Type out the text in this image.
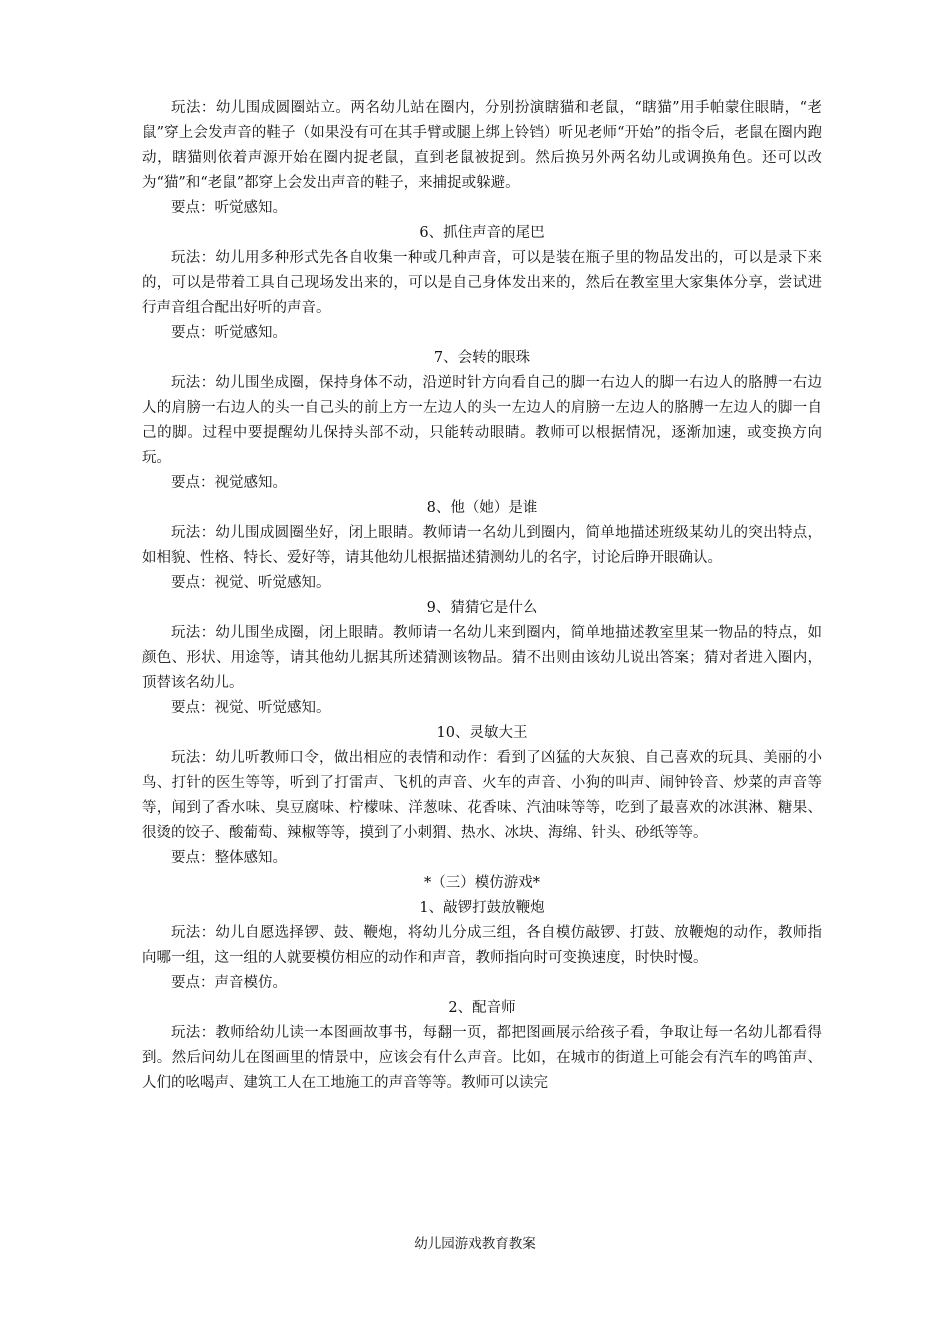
玩法：幼儿围成圆圈站立。两名幼儿站在圈内，分别扮演瞎猫和老鼠，“瞎猫”用手帕蒙住眼睛，“老鼠”穿上会发声音的鞋子（如果没有可在其手臂或腿上绑上铃铛）听见老师“开始”的指令后，老鼠在圈内跑动，瞎猫则依着声源开始在圈内捉老鼠，直到老鼠被捉到。然后换另外两名幼儿或调换角色。还可以改为“猫”和“老鼠”都穿上会发出声音的鞋子，来捕捉或躲避。

要点：听觉感知。

6、抓住声音的尾巴

玩法：幼儿用多种形式先各自收集一种或几种声音，可以是装在瓶子里的物品发出的，可以是录下来的，可以是带着工具自己现场发出来的，可以是自己身体发出来的，然后在教室里大家集体分享，尝试进行声音组合配出好听的声音。

要点：听觉感知。

7、会转的眼珠

玩法：幼儿围坐成圈，保持身体不动，沿逆时针方向看自己的脚一右边人的脚一右边人的胳膊一右边人的肩膀一右边人的头一自己头的前上方一左边人的头一左边人的肩膀一左边人的胳膊一左边人的脚一自己的脚。过程中要提醒幼儿保持头部不动，只能转动眼睛。教师可以根据情况，逐渐加速，或变换方向玩。

要点：视觉感知。

8、他（她）是谁

玩法：幼儿围成圆圈坐好，闭上眼睛。教师请一名幼儿到圈内，简单地描述班级某幼儿的突出特点，如相貌、性格、特长、爱好等，请其他幼儿根据描述猜测幼儿的名字，讨论后睁开眼确认。

要点：视觉、听觉感知。

9、猜猜它是什么

玩法：幼儿围坐成圈，闭上眼睛。教师请一名幼儿来到圈内，简单地描述教室里某一物品的特点，如颜色、形状、用途等，请其他幼儿据其所述猜测该物品。猜不出则由该幼儿说出答案；猜对者进入圈内，顶替该名幼儿。

要点：视觉、听觉感知。

10、灵敏大王

玩法：幼儿听教师口令，做出相应的表情和动作：看到了凶猛的大灰狼、自己喜欢的玩具、美丽的小鸟、打针的医生等等，听到了打雷声、飞机的声音、火车的声音、小狗的叫声、闹钟铃音、炒菜的声音等等，闻到了香水味、臭豆腐味、柠檬味、洋葱味、花香味、汽油味等等，吃到了最喜欢的冰淇淋、糖果、很烫的饺子、酸葡萄、辣椒等等，摸到了小刺猬、热水、冰块、海绵、针头、砂纸等等。

要点：整体感知。

*（三）模仿游戏*

1、敲锣打鼓放鞭炮

玩法：幼儿自愿选择锣、鼓、鞭炮，将幼儿分成三组，各自模仿敲锣、打鼓、放鞭炮的动作，教师指向哪一组，这一组的人就要模仿相应的动作和声音，教师指向时可变换速度，时快时慢。

要点：声音模仿。

2、配音师

玩法：教师给幼儿读一本图画故事书，每翻一页，都把图画展示给孩子看，争取让每一名幼儿都看得到。然后问幼儿在图画里的情景中，应该会有什么声音。比如，在城市的街道上可能会有汽车的鸣笛声、人们的吆喝声、建筑工人在工地施工的声音等等。教师可以读完

幼儿园游戏教育教案
